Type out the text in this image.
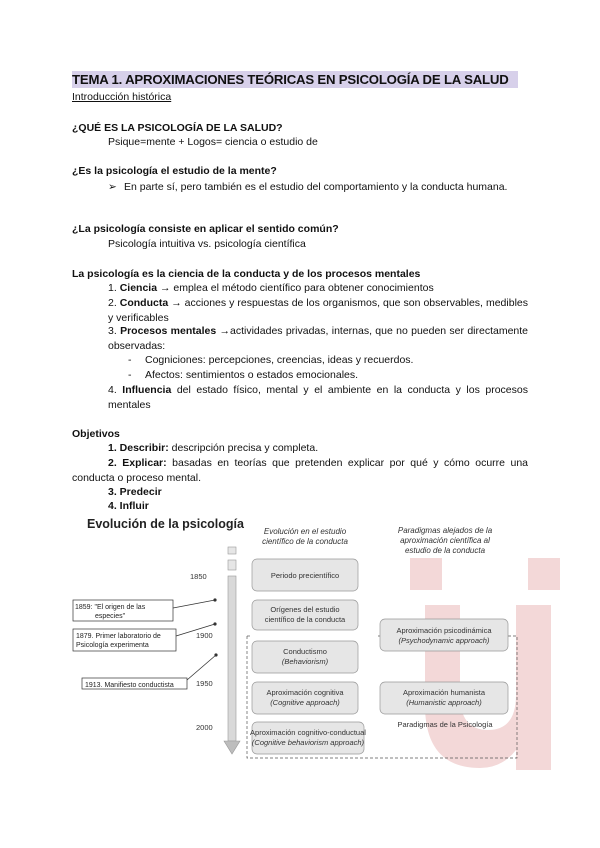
TEMA 1. APROXIMACIONES TEÓRICAS EN PSICOLOGÍA DE LA SALUD
Introducción histórica
¿QUÉ ES LA PSICOLOGÍA DE LA SALUD?
Psique=mente + Logos= ciencia o estudio de
¿Es la psicología el estudio de la mente?
➢ En parte sí, pero también es el estudio del comportamiento y la conducta humana.
¿La psicología consiste en aplicar el sentido común?
Psicología intuitiva vs. psicología científica
La psicología es la ciencia de la conducta y de los procesos mentales
1. Ciencia → emplea el método científico para obtener conocimientos
2. Conducta → acciones y respuestas de los organismos, que son observables, medibles y verificables
3. Procesos mentales →actividades privadas, internas, que no pueden ser directamente observadas:
- Cogniciones: percepciones, creencias, ideas y recuerdos.
- Afectos: sentimientos o estados emocionales.
4. Influencia del estado físico, mental y el ambiente en la conducta y los procesos mentales
Objetivos
1. Describir: descripción precisa y completa.
2. Explicar: basadas en teorías que pretenden explicar por qué y cómo ocurre una conducta o proceso mental.
3. Predecir
4. Influir
Evolución de la psicología
Evolución en el estudio
científico de la conducta
Paradigmas alejados de la
aproximación científica al
estudio de la conducta
1850
1900
1950
2000
1859: "El origen de las
especies"
1879. Primer laboratorio de
Psicología experimenta
1913. Manifiesto conductista
Periodo precientífico
Orígenes del estudio
científico de la conducta
Conductismo
(Behaviorism)
Aproximación cognitiva
(Cognitive approach)
Aproximación cognitivo-conductual
(Cognitive behaviorism approach)
Aproximación psicodinámica
(Psychodynamic approach)
Aproximación humanista
(Humanistic approach)
Paradigmas de la Psicología
